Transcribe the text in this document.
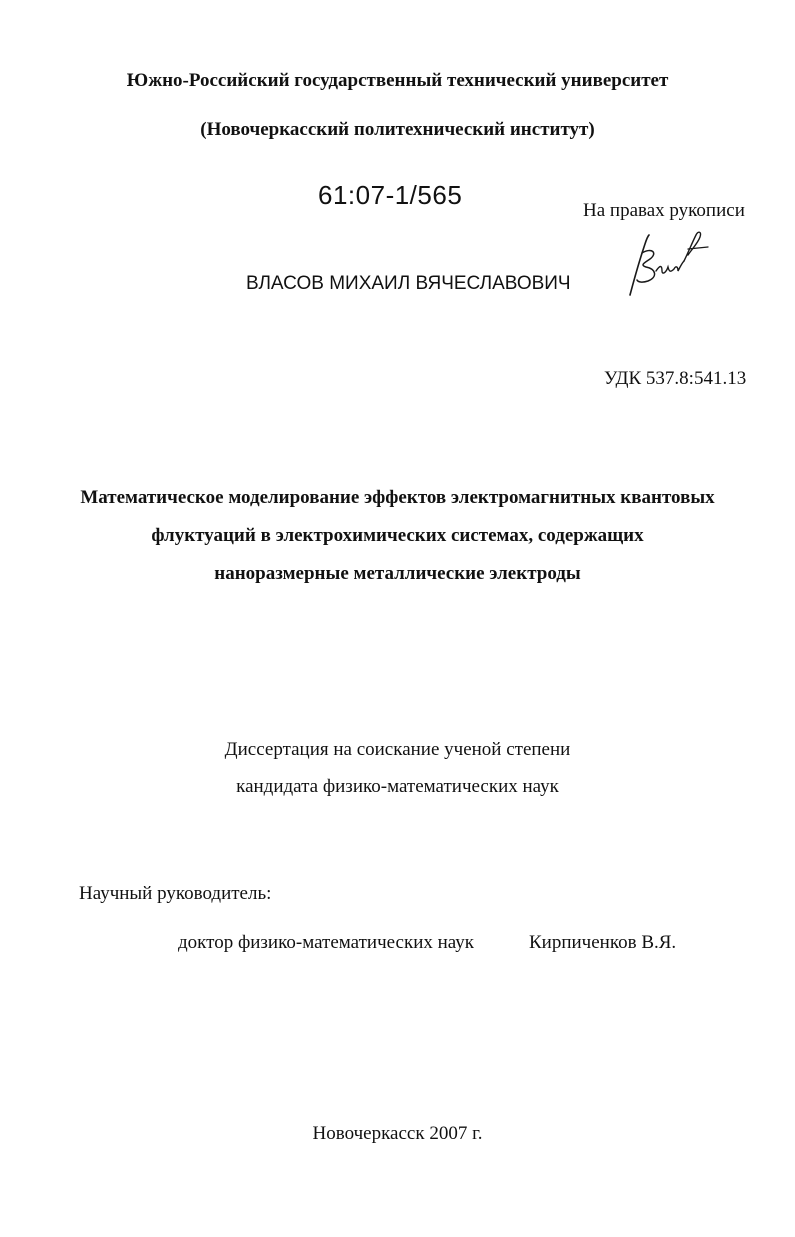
Южно-Российский государственный технический университет
(Новочеркасский политехнический институт)
61:07-1/565
На правах рукописи
ВЛАСОВ МИХАИЛ ВЯЧЕСЛАВОВИЧ
УДК 537.8:541.13
Математическое моделирование эффектов электромагнитных квантовых
флуктуаций в электрохимических системах, содержащих
наноразмерные металлические электроды
Диссертация на соискание ученой степени
кандидата физико-математических наук
Научный руководитель:
доктор физико-математических наук	Кирпиченков В.Я.
Новочеркасск 2007 г.
